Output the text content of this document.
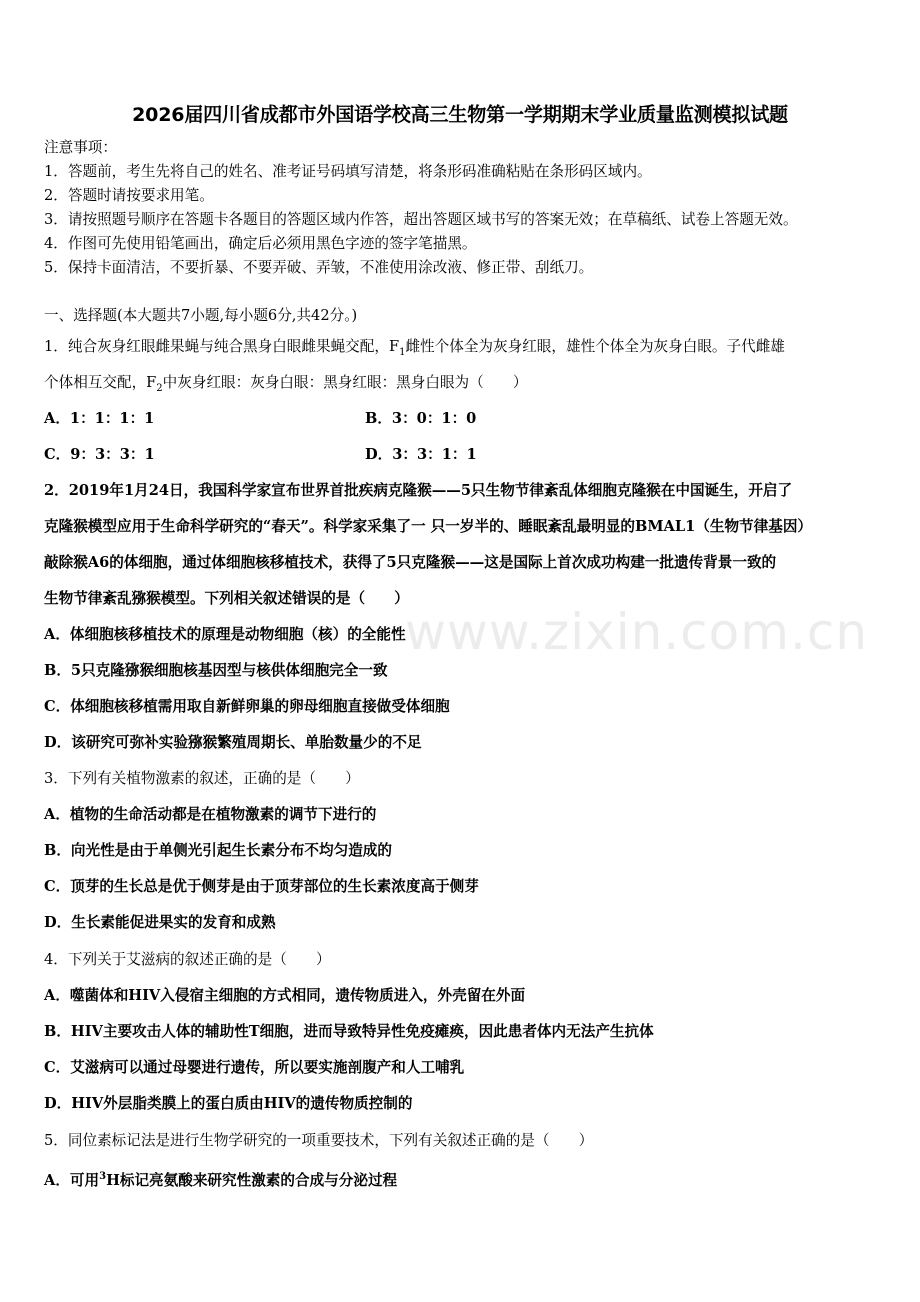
2026届四川省成都市外国语学校高三生物第一学期期末学业质量监测模拟试题
注意事项：
1．答题前，考生先将自己的姓名、准考证号码填写清楚，将条形码准确粘贴在条形码区域内。
2．答题时请按要求用笔。
3．请按照题号顺序在答题卡各题目的答题区域内作答，超出答题区域书写的答案无效；在草稿纸、试卷上答题无效。
4．作图可先使用铅笔画出，确定后必须用黑色字迹的签字笔描黑。
5．保持卡面清洁，不要折暴、不要弄破、弄皱，不准使用涂改液、修正带、刮纸刀。
一、选择题(本大题共7小题,每小题6分,共42分。)
1．纯合灰身红眼雌果蝇与纯合黑身白眼雌果蝇交配，$F_1$雌性个体全为灰身红眼，雄性个体全为灰身白眼。子代雌雄
个体相互交配，$F_2$中灰身红眼：灰身白眼：黑身红眼：黑身白眼为（　　）
A．1：1：1：1	B．3：0：1：0
C．9：3：3：1	D．3：3：1：1
2．2019年1月24日，我国科学家宣布世界首批疾病克隆猴——5只生物节律紊乱体细胞克隆猴在中国诞生，开启了
克隆猴模型应用于生命科学研究的“春天”。科学家采集了一 只一岁半的、睡眠紊乱最明显的BMAL1（生物节律基因）
敲除猴A6的体细胞，通过体细胞核移植技术，获得了5只克隆猴——这是国际上首次成功构建一批遗传背景一致的
生物节律紊乱猕猴模型。下列相关叙述错误的是（　　）
A．体细胞核移植技术的原理是动物细胞（核）的全能性
B．5只克隆猕猴细胞核基因型与核供体细胞完全一致
C．体细胞核移植需用取自新鲜卵巢的卵母细胞直接做受体细胞
D．该研究可弥补实验猕猴繁殖周期长、单胎数量少的不足
3．下列有关植物激素的叙述，正确的是（　　）
A．植物的生命活动都是在植物激素的调节下进行的
B．向光性是由于单侧光引起生长素分布不均匀造成的
C．顶芽的生长总是优于侧芽是由于顶芽部位的生长素浓度高于侧芽
D．生长素能促进果实的发育和成熟
4．下列关于艾滋病的叙述正确的是（　　）
A．噬菌体和HIV入侵宿主细胞的方式相同，遗传物质进入，外壳留在外面
B．HIV主要攻击人体的辅助性T细胞，进而导致特异性免疫瘫痪，因此患者体内无法产生抗体
C．艾滋病可以通过母婴进行遗传，所以要实施剖腹产和人工哺乳
D．HIV外层脂类膜上的蛋白质由HIV的遗传物质控制的
5．同位素标记法是进行生物学研究的一项重要技术，下列有关叙述正确的是（　　）
A．可用$^3$H标记亮氨酸来研究性激素的合成与分泌过程
www.zixin.com.cn
